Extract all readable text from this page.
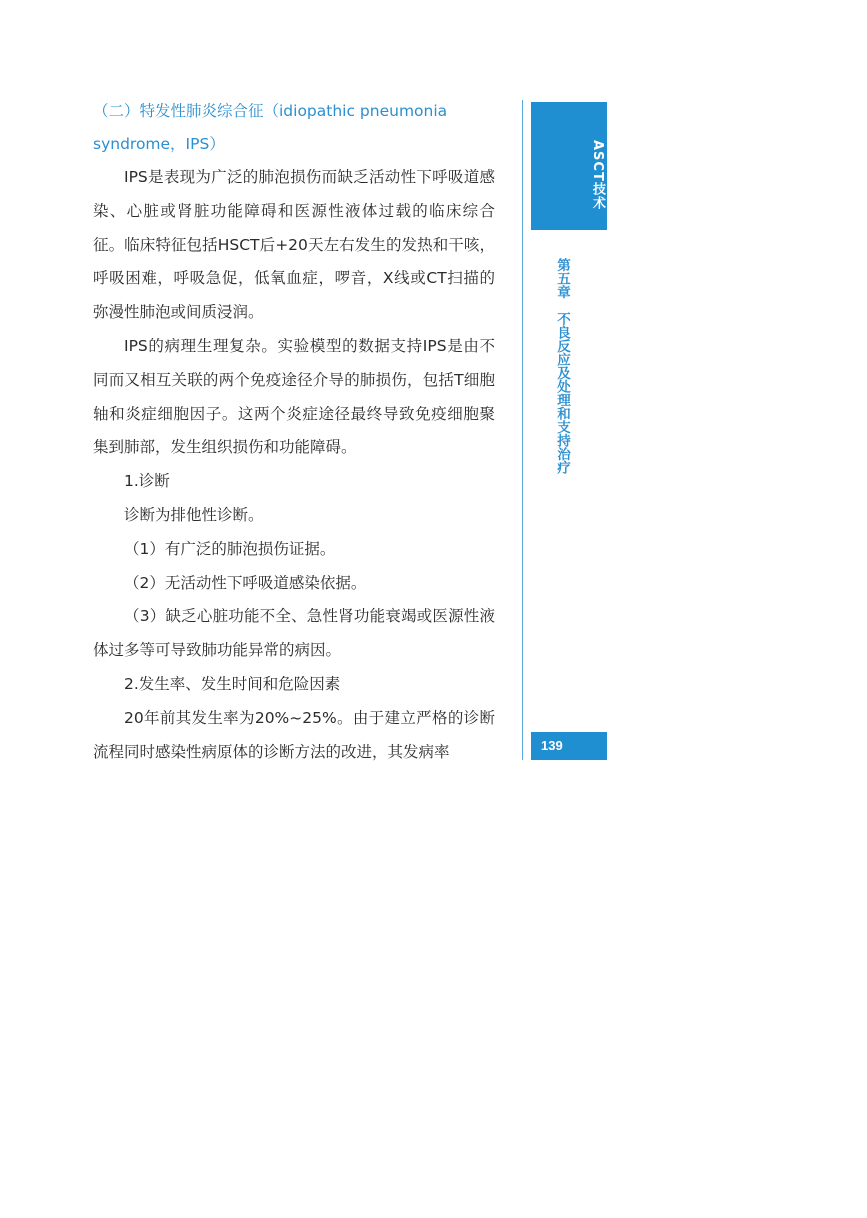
（二）特发性肺炎综合征（idiopathic pneumonia
syndrome，IPS）
IPS是表现为广泛的肺泡损伤而缺乏活动性下呼吸道感染、心脏或肾脏功能障碍和医源性液体过载的临床综合征。临床特征包括HSCT后+20天左右发生的发热和干咳，呼吸困难，呼吸急促，低氧血症，啰音，X线或CT扫描的弥漫性肺泡或间质浸润。
IPS的病理生理复杂。实验模型的数据支持IPS是由不同而又相互关联的两个免疫途径介导的肺损伤，包括T细胞轴和炎症细胞因子。这两个炎症途径最终导致免疫细胞聚集到肺部，发生组织损伤和功能障碍。
1.诊断
诊断为排他性诊断。
（1）有广泛的肺泡损伤证据。
（2）无活动性下呼吸道感染依据。
（3）缺乏心脏功能不全、急性肾功能衰竭或医源性液体过多等可导致肺功能异常的病因。
2.发生率、发生时间和危险因素
20年前其发生率为20%~25%。由于建立严格的诊断流程同时感染性病原体的诊断方法的改进，其发病率
ASCT技术
第五章　不良反应及处理和支持治疗
139
